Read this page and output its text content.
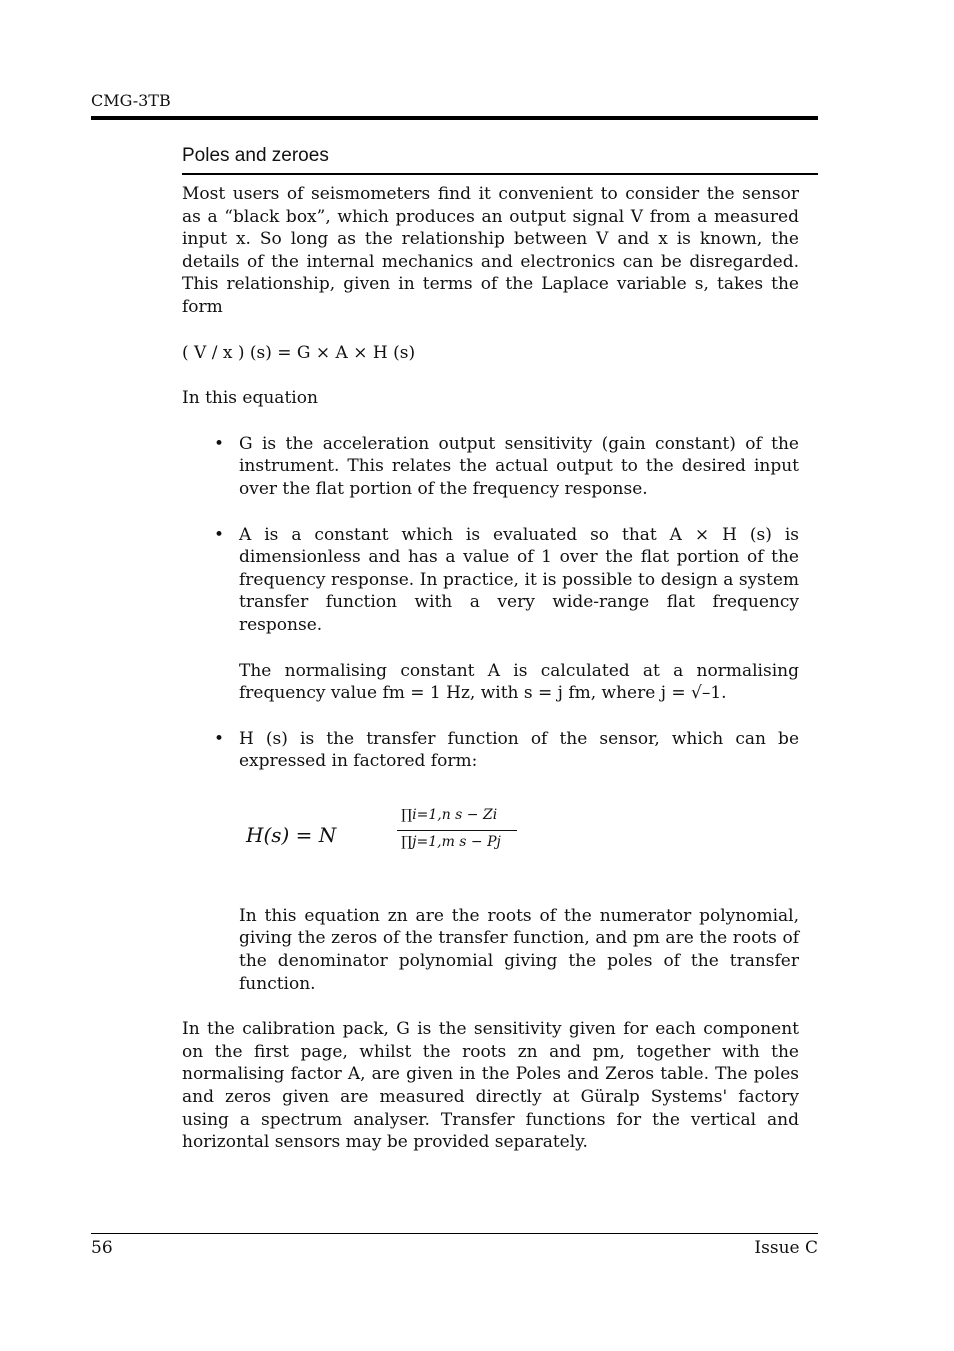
CMG-3TB
Poles and zeroes

Most users of seismometers find it convenient to consider the sensor as a “black box”, which produces an output signal V from a measured input x. So long as the relationship between V and x is known, the details of the internal mechanics and electronics can be disregarded. This relationship, given in terms of the Laplace variable s, takes the form

( V / x ) (s) = G × A × H (s)

In this equation

• G is the acceleration output sensitivity (gain constant) of the instrument. This relates the actual output to the desired input over the flat portion of the frequency response.

• A is a constant which is evaluated so that A × H (s) is dimensionless and has a value of 1 over the flat portion of the frequency response. In practice, it is possible to design a system transfer function with a very wide-range flat frequency response.

The normalising constant A is calculated at a normalising frequency value fm = 1 Hz, with s = j fm, where j = √–1.

• H (s) is the transfer function of the sensor, which can be expressed in factored form:

H(s) = N
∏i=1,n s − Zi
∏j=1,m s − Pj

In this equation zn are the roots of the numerator polynomial, giving the zeros of the transfer function, and pm are the roots of the denominator polynomial giving the poles of the transfer function.

In the calibration pack, G is the sensitivity given for each component on the first page, whilst the roots zn and pm, together with the normalising factor A, are given in the Poles and Zeros table. The poles and zeros given are measured directly at Güralp Systems' factory using a spectrum analyser. Transfer functions for the vertical and horizontal sensors may be provided separately.

56	Issue C
